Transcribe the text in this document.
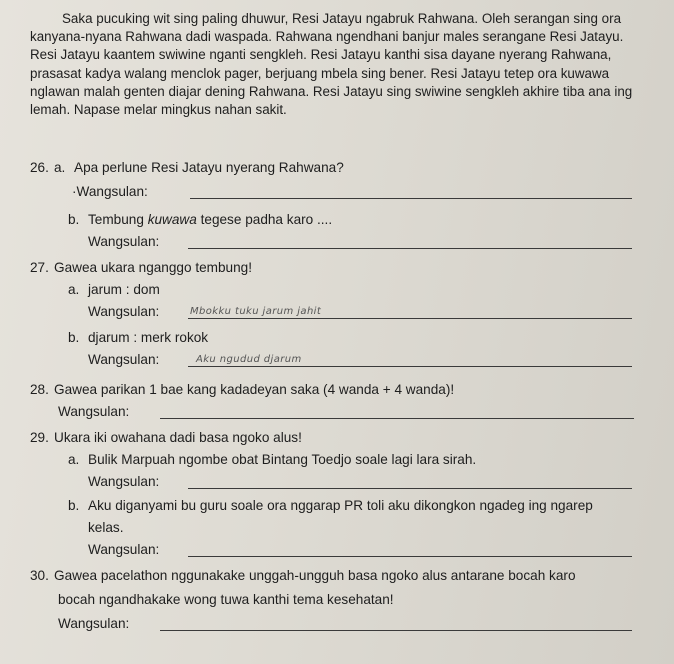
Saka pucuking wit sing paling dhuwur, Resi Jatayu ngabruk Rahwana. Oleh serangan sing ora kanyana-nyana Rahwana dadi waspada. Rahwana ngendhani banjur males serangane Resi Jatayu. Resi Jatayu kaantem swiwine nganti sengkleh. Resi Jatayu kanthi sisa dayane nyerang Rahwana, prasasat kadya walang menclok pager, berjuang mbela sing bener. Resi Jatayu tetep ora kuwawa nglawan malah genten diajar dening Rahwana. Resi Jatayu sing swiwine sengkleh akhire tiba ana ing lemah. Napase melar mingkus nahan sakit.

26. a. Apa perlune Resi Jatayu nyerang Rahwana?
·Wangsulan:
b. Tembung kuwawa tegese padha karo ....
Wangsulan:
27. Gawea ukara nganggo tembung!
a. jarum : dom
Wangsulan:	Mbokku tuku jarum jahit
b. djarum : merk rokok
Wangsulan:	Aku ngudud djarum
28. Gawea parikan 1 bae kang kadadeyan saka (4 wanda + 4 wanda)!
Wangsulan:
29. Ukara iki owahana dadi basa ngoko alus!
a. Bulik Marpuah ngombe obat Bintang Toedjo soale lagi lara sirah.
Wangsulan:
b. Aku diganyami bu guru soale ora nggarap PR toli aku dikongkon ngadeg ing ngarep
kelas.
Wangsulan:
30. Gawea pacelathon nggunakake unggah-ungguh basa ngoko alus antarane bocah karo
bocah ngandhakake wong tuwa kanthi tema kesehatan!
Wangsulan:
